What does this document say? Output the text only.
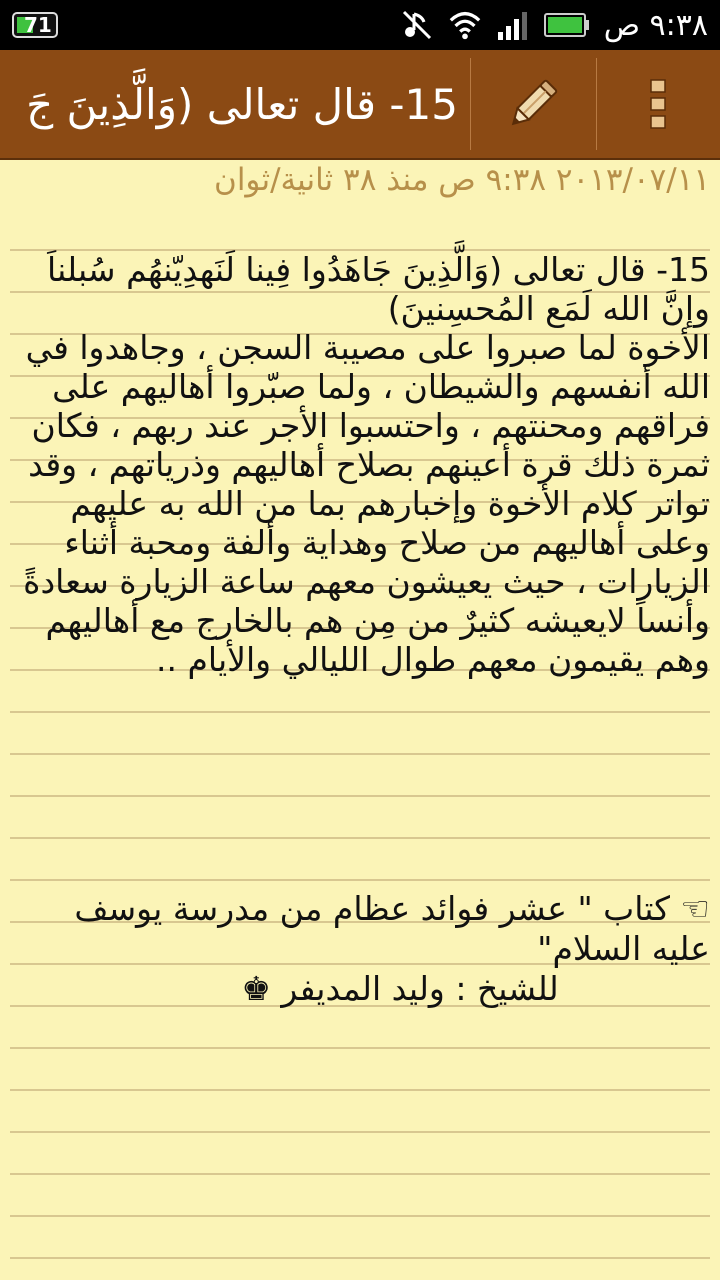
71	٩:٣٨ ص
15- قال تعالى (وَالَّذِينَ جَ
٢٠١٣/٠٧/١١ ٩:٣٨ ص منذ ٣٨ ثانية/ثوان
15- قال تعالى (وَالَّذِينَ جَاهَدُوا فِينا لَنَهدِيّنهُم سُبلناَ وإنَّ الله لَمَع المُحسِنينَ)
الأخوة لما صبروا على مصيبة السجن ، وجاهدوا في الله أنفسهم والشيطان ، ولما صبّروا أهاليهم على فراقهم ومحنتهم ، واحتسبوا الأجر عند ربهم ، فكان ثمرة ذلك قرة أعينهم بصلاح أهاليهم وذرياتهم ، وقد تواتر كلام الأخوة وإخبارهم بما من الله به عليهم وعلى أهاليهم من صلاح وهداية وألفة ومحبة أثناء الزيارات ، حيث يعيشون معهم ساعة الزيارة سعادةً وأنساً لايعيشه كثيرٌ من مِن هم بالخارج مع أهاليهم وهم يقيمون معهم طوال الليالي والأيام ..
☜ كتاب " عشر فوائد عظام من مدرسة يوسف عليه السلام"
للشيخ : وليد المديفر ♚
